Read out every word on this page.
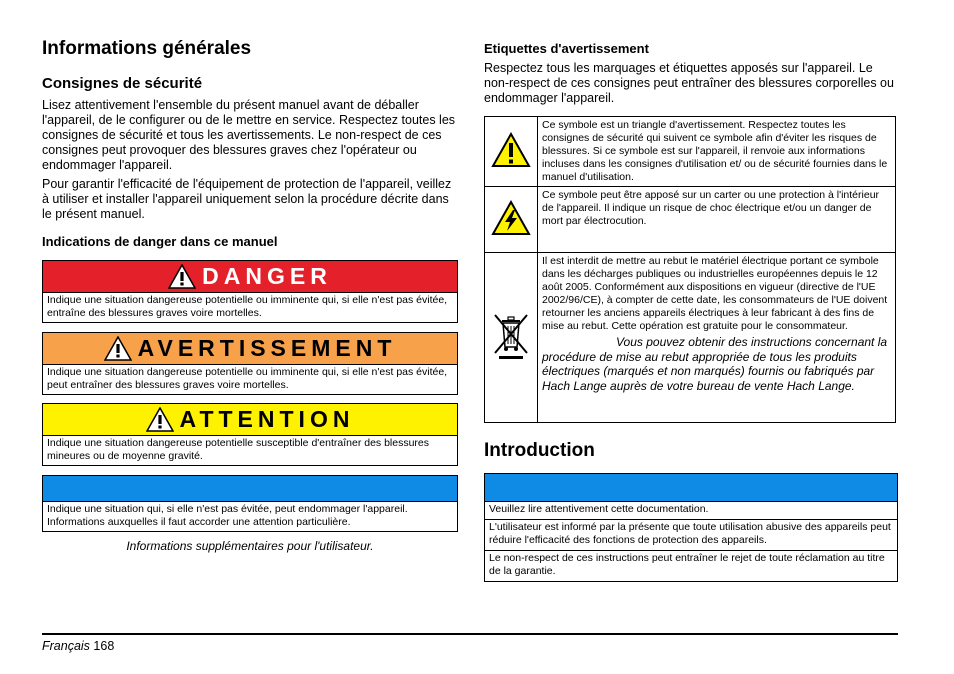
Informations générales
Consignes de sécurité

Lisez attentivement l'ensemble du présent manuel avant de déballer l'appareil, de le configurer ou de le mettre en service. Respectez toutes les consignes de sécurité et tous les avertissements. Le non-respect de ces consignes peut provoquer des blessures graves chez l'opérateur ou endommager l'appareil.

Pour garantir l'efficacité de l'équipement de protection de l'appareil, veillez à utiliser et installer l'appareil uniquement selon la procédure décrite dans le présent manuel.

Indications de danger dans ce manuel
DANGER
Indique une situation dangereuse potentielle ou imminente qui, si elle n'est pas évitée, entraîne des blessures graves voire mortelles.
AVERTISSEMENT
Indique une situation dangereuse potentielle ou imminente qui, si elle n'est pas évitée, peut entraîner des blessures graves voire mortelles.
ATTENTION
Indique une situation dangereuse potentielle susceptible d'entraîner des blessures mineures ou de moyenne gravité.
Indique une situation qui, si elle n'est pas évitée, peut endommager l'appareil. Informations auxquelles il faut accorder une attention particulière.
Informations supplémentaires pour l'utilisateur.
Etiquettes d'avertissement

Respectez tous les marquages et étiquettes apposés sur l'appareil. Le non-respect de ces consignes peut entraîner des blessures corporelles ou endommager l'appareil.

	Ce symbole est un triangle d'avertissement. Respectez toutes les consignes de sécurité qui suivent ce symbole afin d'éviter les risques de blessures. Si ce symbole est sur l'appareil, il renvoie aux informations incluses dans les consignes d'utilisation et/ ou de sécurité fournies dans le manuel d'utilisation.
	Ce symbole peut être apposé sur un carter ou une protection à l'intérieur de l'appareil. Il indique un risque de choc électrique et/ou un danger de mort par électrocution.

Il est interdit de mettre au rebut le matériel électrique portant ce symbole dans les décharges publiques ou industrielles européennes depuis le 12 août 2005. Conformément aux dispositions en vigueur (directive de l'UE 2002/96/CE), à compter de cette date, les consommateurs de l'UE doivent retourner les anciens appareils électriques à leur fabricant à des fins de mise au rebut. Cette opération est gratuite pour le consommateur.
Vous pouvez obtenir des instructions concernant la procédure de mise au rebut appropriée de tous les produits électriques (marqués et non marqués) fournis ou fabriqués par Hach Lange auprès de votre bureau de vente Hach Lange.
Introduction
Veuillez lire attentivement cette documentation.
L'utilisateur est informé par la présente que toute utilisation abusive des appareils peut réduire l'efficacité des fonctions de protection des appareils.
Le non-respect de ces instructions peut entraîner le rejet de toute réclamation au titre de la garantie.
Français 168
